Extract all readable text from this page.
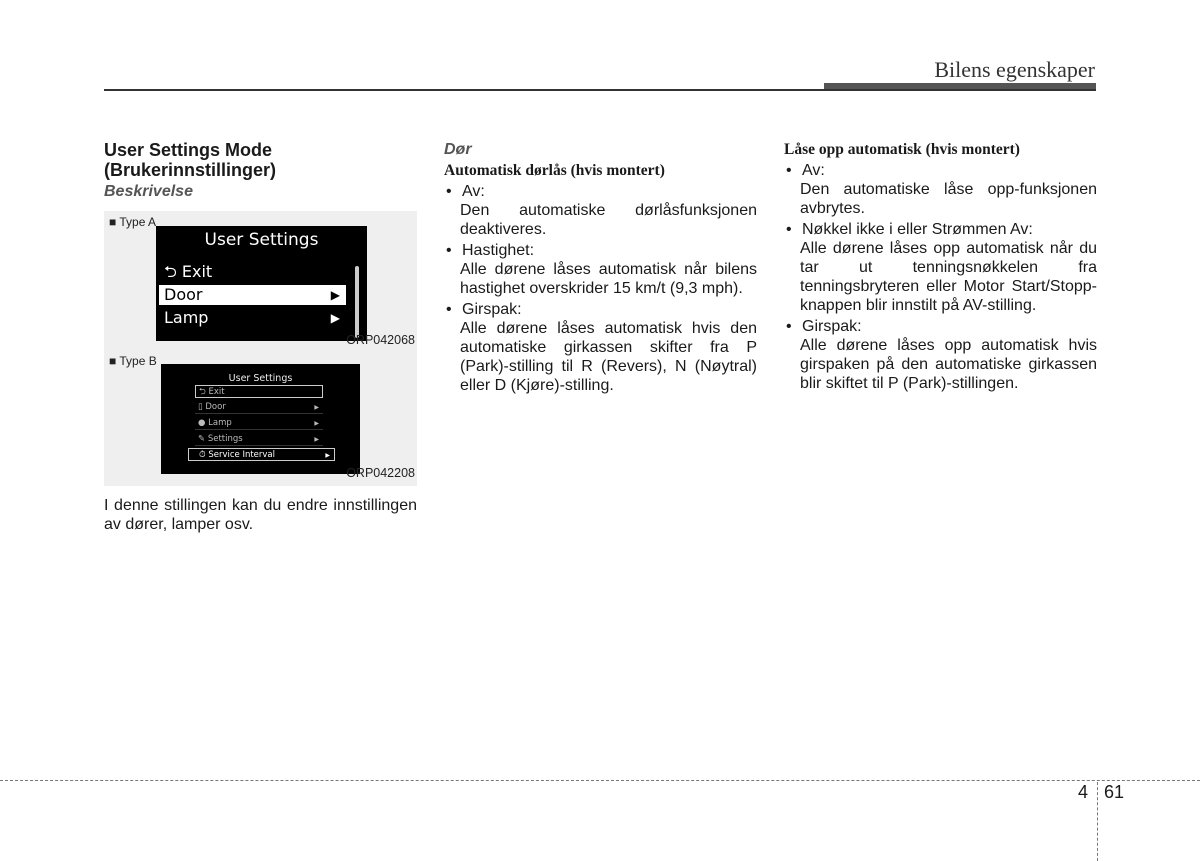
Bilens egenskaper

User Settings Mode
(Brukerinnstillinger)

Beskrivelse

■ Type A
User Settings
⮌ Exit
Door	▶
Lamp	▶
ORP042068
■ Type B
User Settings
⮌ Exit
▯ Door	▶
● Lamp	▶
✎ Settings	▶
⏱ Service Interval	▶
ORP042208

I denne stillingen kan du endre innstillingen av dører, lamper osv.

Dør

Automatisk dørlås (hvis montert)

• Av:
Den automatiske dørlåsfunksjonen deaktiveres.
• Hastighet:
Alle dørene låses automatisk når bilens hastighet overskrider 15 km/t (9,3 mph).
• Girspak:
Alle dørene låses automatisk hvis den automatiske girkassen skifter fra P (Park)-stilling til R (Revers), N (Nøytral) eller D (Kjøre)-stilling.

Låse opp automatisk (hvis montert)

• Av:
Den automatiske låse opp-funksjonen avbrytes.
• Nøkkel ikke i eller Strømmen Av:
Alle dørene låses opp automatisk når du tar ut tenningsnøkkelen fra tenningsbryteren eller Motor Start/Stopp-knappen blir innstilt på AV-stilling.
• Girspak:
Alle dørene låses opp automatisk hvis girspaken på den automatiske girkassen blir skiftet til P (Park)-stillingen.
4 61
